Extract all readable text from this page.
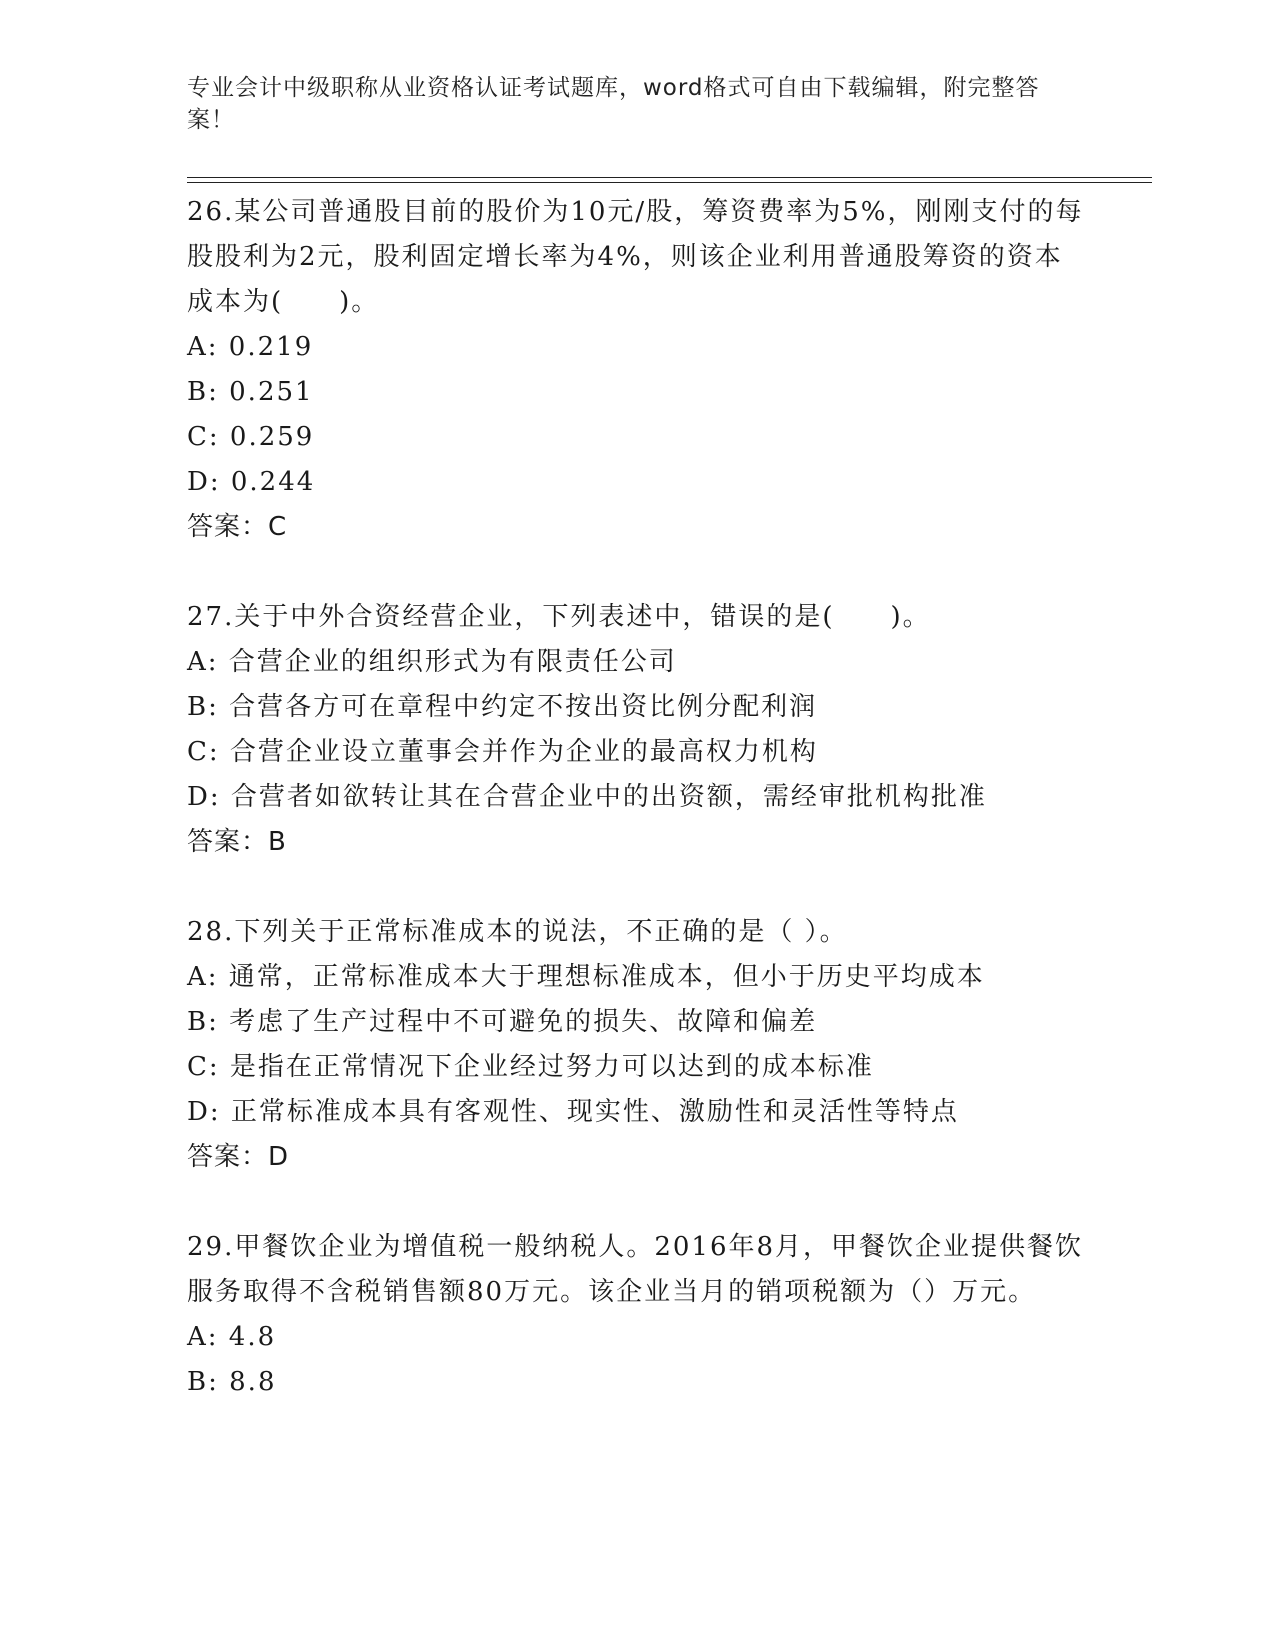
专业会计中级职称从业资格认证考试题库，word格式可自由下载编辑，附完整答案！

26.某公司普通股目前的股价为10元/股，筹资费率为5%，刚刚支付的每股股利为2元，股利固定增长率为4%，则该企业利用普通股筹资的资本成本为(　　)。

A: 0.219

B: 0.251

C: 0.259

D: 0.244

答案：C

27.关于中外合资经营企业，下列表述中，错误的是(　　)。

A: 合营企业的组织形式为有限责任公司

B: 合营各方可在章程中约定不按出资比例分配利润

C: 合营企业设立董事会并作为企业的最高权力机构

D: 合营者如欲转让其在合营企业中的出资额，需经审批机构批准

答案：B

28.下列关于正常标准成本的说法，不正确的是（ ）。

A: 通常，正常标准成本大于理想标准成本，但小于历史平均成本

B: 考虑了生产过程中不可避免的损失、故障和偏差

C: 是指在正常情况下企业经过努力可以达到的成本标准

D: 正常标准成本具有客观性、现实性、激励性和灵活性等特点

答案：D

29.甲餐饮企业为增值税一般纳税人。2016年8月，甲餐饮企业提供餐饮服务取得不含税销售额80万元。该企业当月的销项税额为（）万元。

A: 4.8

B: 8.8
